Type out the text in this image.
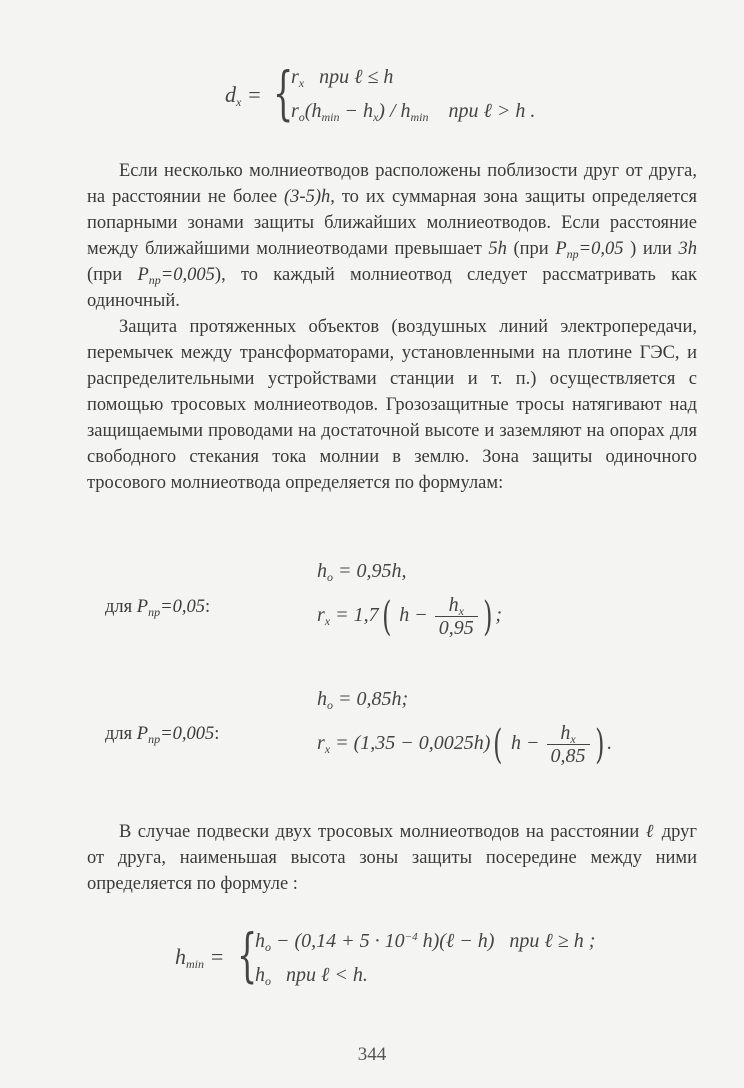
$d_x$ = {
$r_x$   при ℓ ≤ h
$r_o(h_{min} - h_x) / h_{min}$    при ℓ > h .

Если несколько молниеотводов расположены поблизости друг от друга, на расстоянии не более (3-5)h, то их суммарная зона защиты определяется попарными зонами защиты ближайших молниеотводов. Если расстояние между ближайшими молниеотводами превышает 5h (при $P_{пр}=0,05$ ) или 3h (при $P_{пр}=0,005$), то каждый молниеотвод следует рассматривать как одиночный.

Защита протяженных объектов (воздушных линий электропередачи, перемычек между трансформаторами, установленными на плотине ГЭС, и распределительными устройствами станции и т. п.) осуществляется с помощью тросовых молниеотводов. Грозозащитные тросы натягивают над защищаемыми проводами на достаточной высоте и заземляют на опорах для свободного стекания тока молнии в землю. Зона защиты одиночного тросового молниеотвода определяется по формулам:

для $P_{пр}=0,05$:
$h_o = 0,95h$,
$r_x = 1,7$( $h - \frac{h_x}{0,95}$ ) ;
для $P_{пр}=0,005$:
$h_o = 0,85h$;
$r_x = (1,35 - 0,0025h)$( $h - \frac{h_x}{0,85}$ ) .

В случае подвески двух тросовых молниеотводов на расстоянии ℓ друг от друга, наименьшая высота зоны защиты посередине между ними определяется по формуле :

$h_{min}$ = {
$h_o - (0,14 + 5 \cdot 10^{-4}$ h)(ℓ − h)   при ℓ ≥ h ;
$h_o$   при ℓ < h.
344
